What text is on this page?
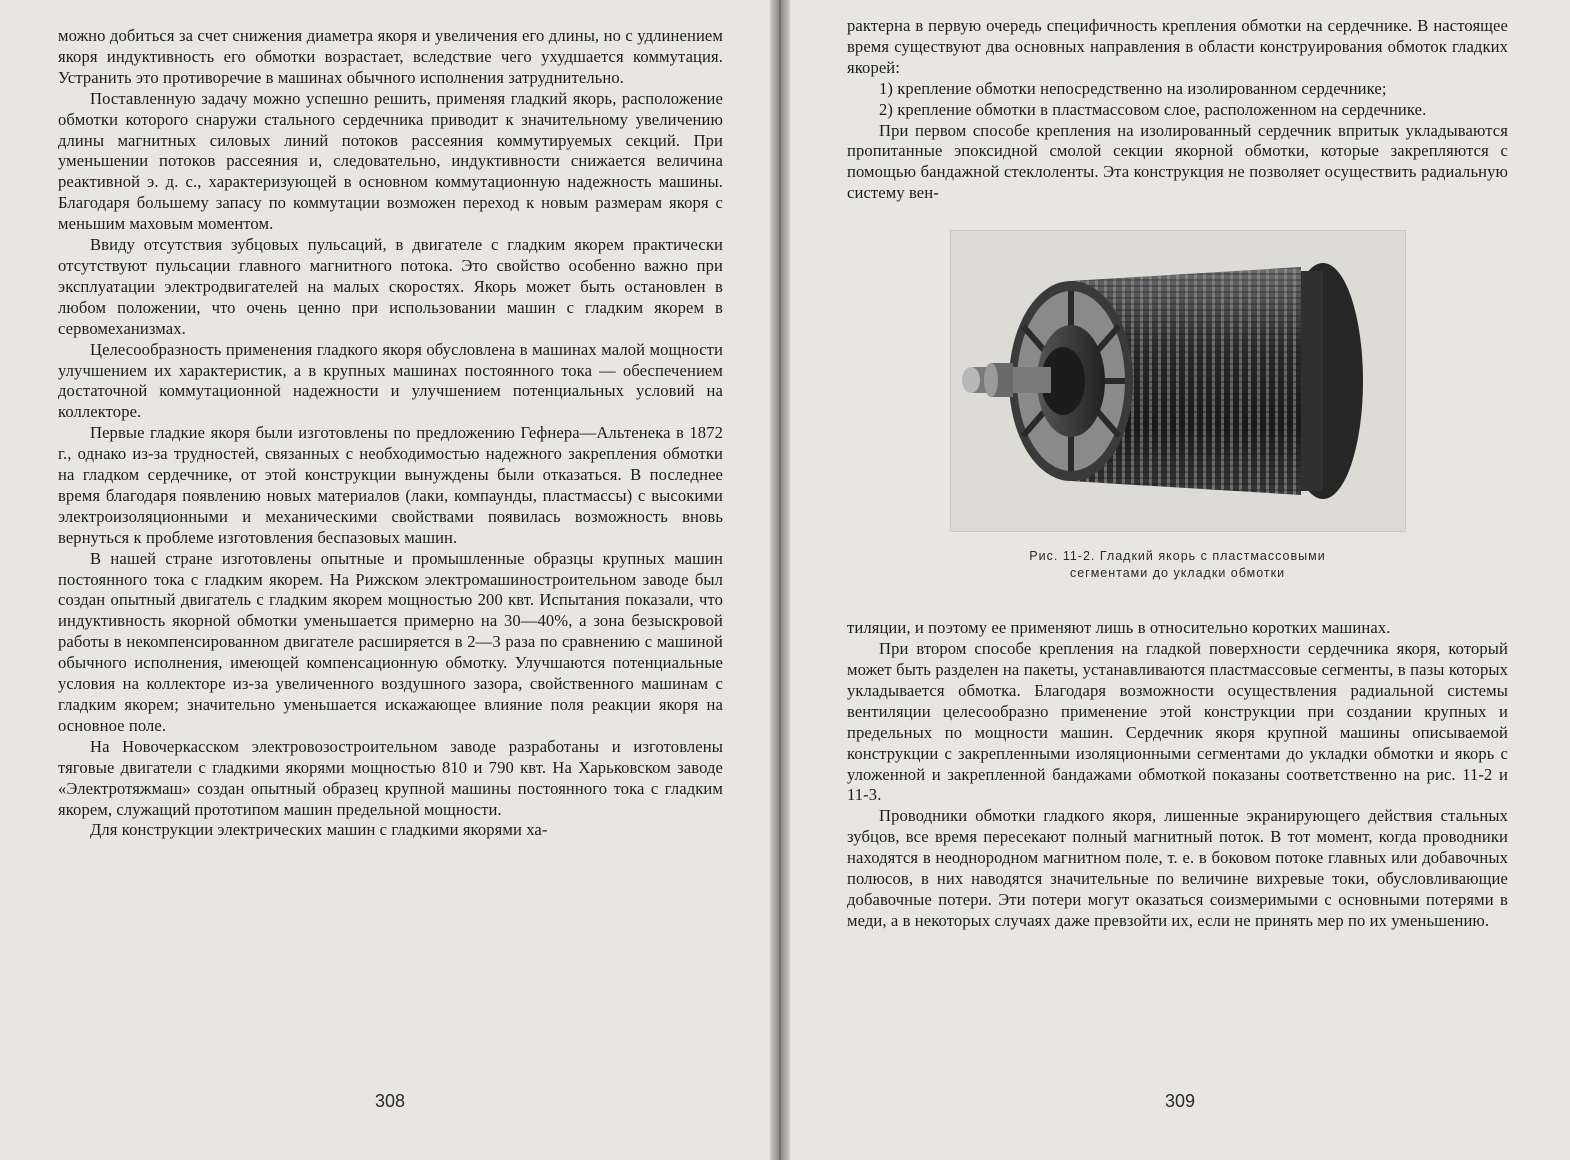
можно добиться за счет снижения диаметра якоря и увеличения его длины, но с удлинением якоря индуктивность его обмотки возрастает, вследствие чего ухудшается коммутация. Устранить это противоречие в машинах обычного исполнения затруднительно.

Поставленную задачу можно успешно решить, применяя гладкий якорь, расположение обмотки которого снаружи стального сердечника приводит к значительному увеличению длины магнитных силовых линий потоков рассеяния коммутируемых секций. При уменьшении потоков рассеяния и, следовательно, индуктивности снижается величина реактивной э. д. с., характеризующей в основном коммутационную надежность машины. Благодаря большему запасу по коммутации возможен переход к новым размерам якоря с меньшим маховым моментом.

Ввиду отсутствия зубцовых пульсаций, в двигателе с гладким якорем практически отсутствуют пульсации главного магнитного потока. Это свойство особенно важно при эксплуатации электродвигателей на малых скоростях. Якорь может быть остановлен в любом положении, что очень ценно при использовании машин с гладким якорем в сервомеханизмах.

Целесообразность применения гладкого якоря обусловлена в машинах малой мощности улучшением их характеристик, а в крупных машинах постоянного тока — обеспечением достаточной коммутационной надежности и улучшением потенциальных условий на коллекторе.

Первые гладкие якоря были изготовлены по предложению Гефнера—Альтенека в 1872 г., однако из-за трудностей, связанных с необходимостью надежного закрепления обмотки на гладком сердечнике, от этой конструкции вынуждены были отказаться. В последнее время благодаря появлению новых материалов (лаки, компаунды, пластмассы) с высокими электроизоляционными и механическими свойствами появилась возможность вновь вернуться к проблеме изготовления беспазовых машин.

В нашей стране изготовлены опытные и промышленные образцы крупных машин постоянного тока с гладким якорем. На Рижском электромашиностроительном заводе был создан опытный двигатель с гладким якорем мощностью 200 квт. Испытания показали, что индуктивность якорной обмотки уменьшается примерно на 30—40%, а зона безыскровой работы в некомпенсированном двигателе расширяется в 2—3 раза по сравнению с машиной обычного исполнения, имеющей компенсационную обмотку. Улучшаются потенциальные условия на коллекторе из-за увеличенного воздушного зазора, свойственного машинам с гладким якорем; значительно уменьшается искажающее влияние поля реакции якоря на основное поле.

На Новочеркасском электровозостроительном заводе разработаны и изготовлены тяговые двигатели с гладкими якорями мощностью 810 и 790 квт. На Харьковском заводе «Электротяжмаш» создан опытный образец крупной машины постоянного тока с гладким якорем, служащий прототипом машин предельной мощности.

Для конструкции электрических машин с гладкими якорями ха-

308

рактерна в первую очередь специфичность крепления обмотки на сердечнике. В настоящее время существуют два основных направления в области конструирования обмоток гладких якорей:

1) крепление обмотки непосредственно на изолированном сердечнике;

2) крепление обмотки в пластмассовом слое, расположенном на сердечнике.

При первом способе крепления на изолированный сердечник впритык укладываются пропитанные эпоксидной смолой секции якорной обмотки, которые закрепляются с помощью бандажной стеклоленты. Эта конструкция не позволяет осуществить радиальную систему вен-

Рис. 11-2. Гладкий якорь с пластмассовыми
сегментами до укладки обмотки

тиляции, и поэтому ее применяют лишь в относительно коротких машинах.

При втором способе крепления на гладкой поверхности сердечника якоря, который может быть разделен на пакеты, устанавливаются пластмассовые сегменты, в пазы которых укладывается обмотка. Благодаря возможности осуществления радиальной системы вентиляции целесообразно применение этой конструкции при создании крупных и предельных по мощности машин. Сердечник якоря крупной машины описываемой конструкции с закрепленными изоляционными сегментами до укладки обмотки и якорь с уложенной и закрепленной бандажами обмоткой показаны соответственно на рис. 11-2 и 11-3.

Проводники обмотки гладкого якоря, лишенные экранирующего действия стальных зубцов, все время пересекают полный магнитный поток. В тот момент, когда проводники находятся в неоднородном магнитном поле, т. е. в боковом потоке главных или добавочных полюсов, в них наводятся значительные по величине вихревые токи, обусловливающие добавочные потери. Эти потери могут оказаться соизмеримыми с основными потерями в меди, а в некоторых случаях даже превзойти их, если не принять мер по их уменьшению.

309
